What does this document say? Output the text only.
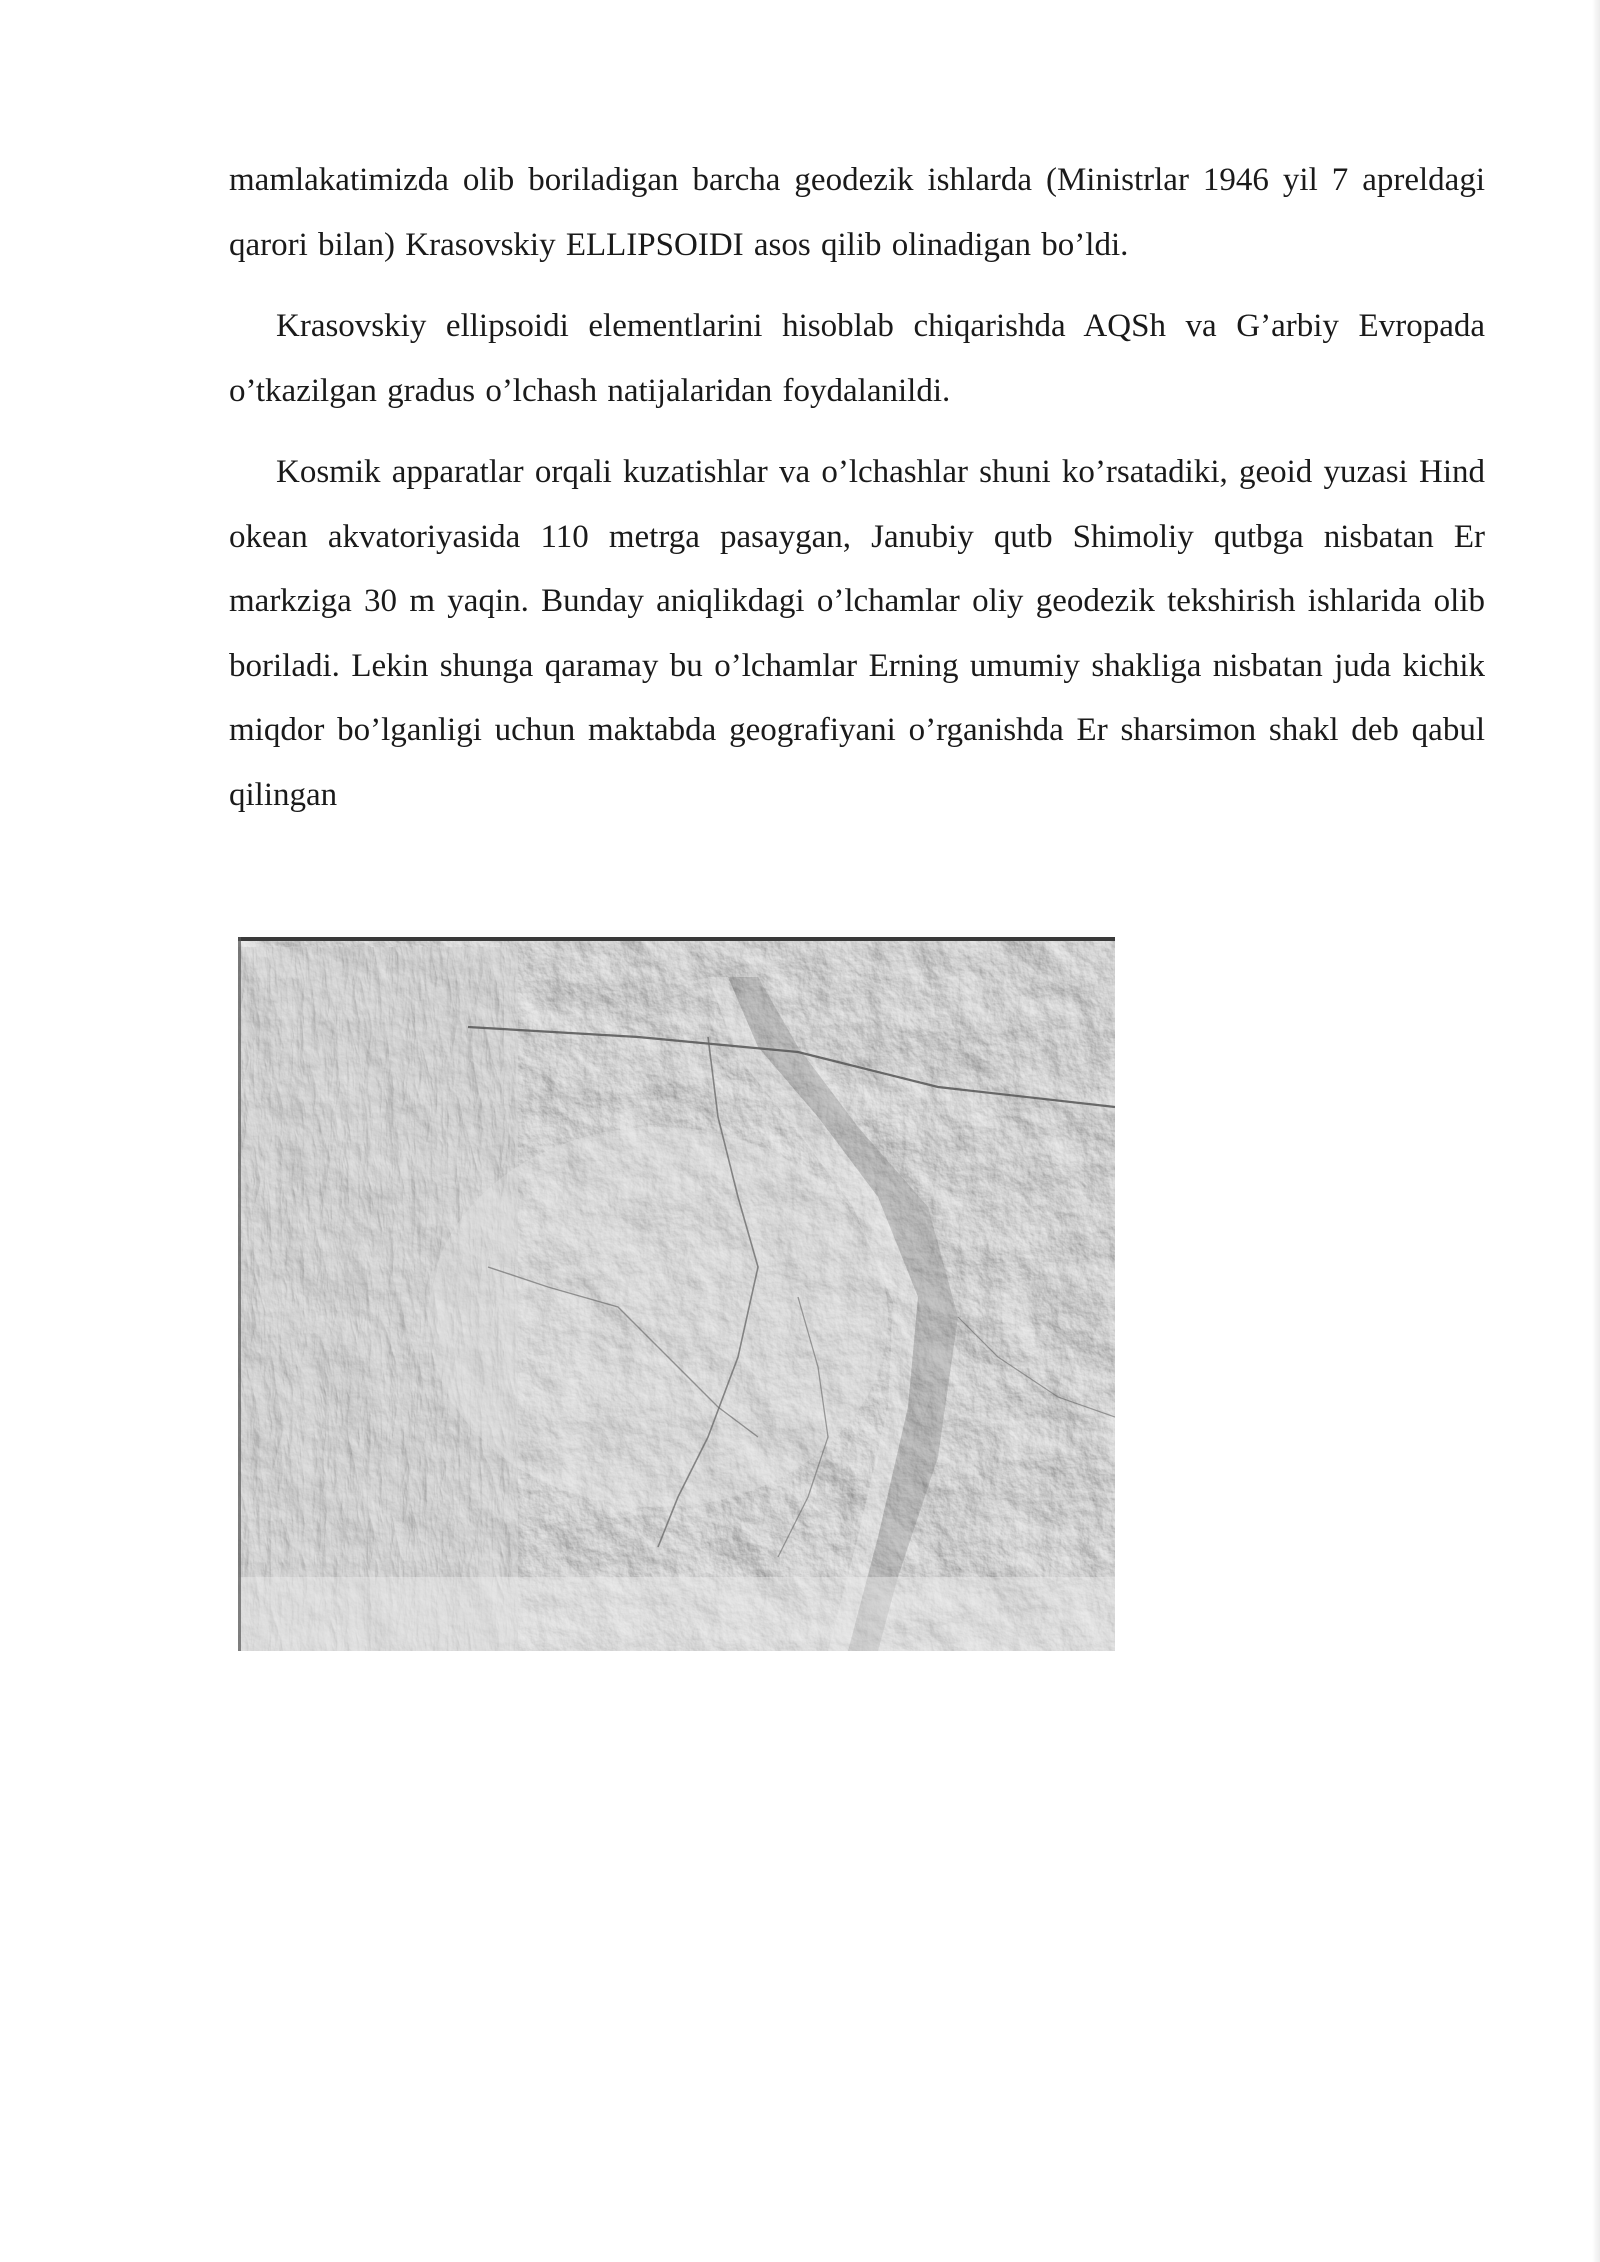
mamlakatimizda olib boriladigan barcha geodezik ishlarda (Ministrlar 1946 yil 7 apreldagi qarori bilan) Krasovskiy ELLIPSOIDI asos qilib olinadigan bo’ldi.

Krasovskiy ellipsoidi elementlarini hisoblab chiqarishda AQSh va G’arbiy Evropada o’tkazilgan gradus o’lchash natijalaridan foydalanildi.

Kosmik apparatlar orqali kuzatishlar va o’lchashlar shuni ko’rsatadiki, geoid yuzasi Hind okean akvatoriyasida 110 metrga pasaygan, Janubiy qutb Shimoliy qutbga nisbatan Er markziga 30 m yaqin. Bunday aniqlikdagi o’lchamlar oliy geodezik tekshirish ishlarida olib boriladi. Lekin shunga qaramay bu o’lchamlar Erning umumiy shakliga nisbatan juda kichik miqdor bo’lganligi uchun maktabda geografiyani o’rganishda Er sharsimon shakl deb qabul qilingan
